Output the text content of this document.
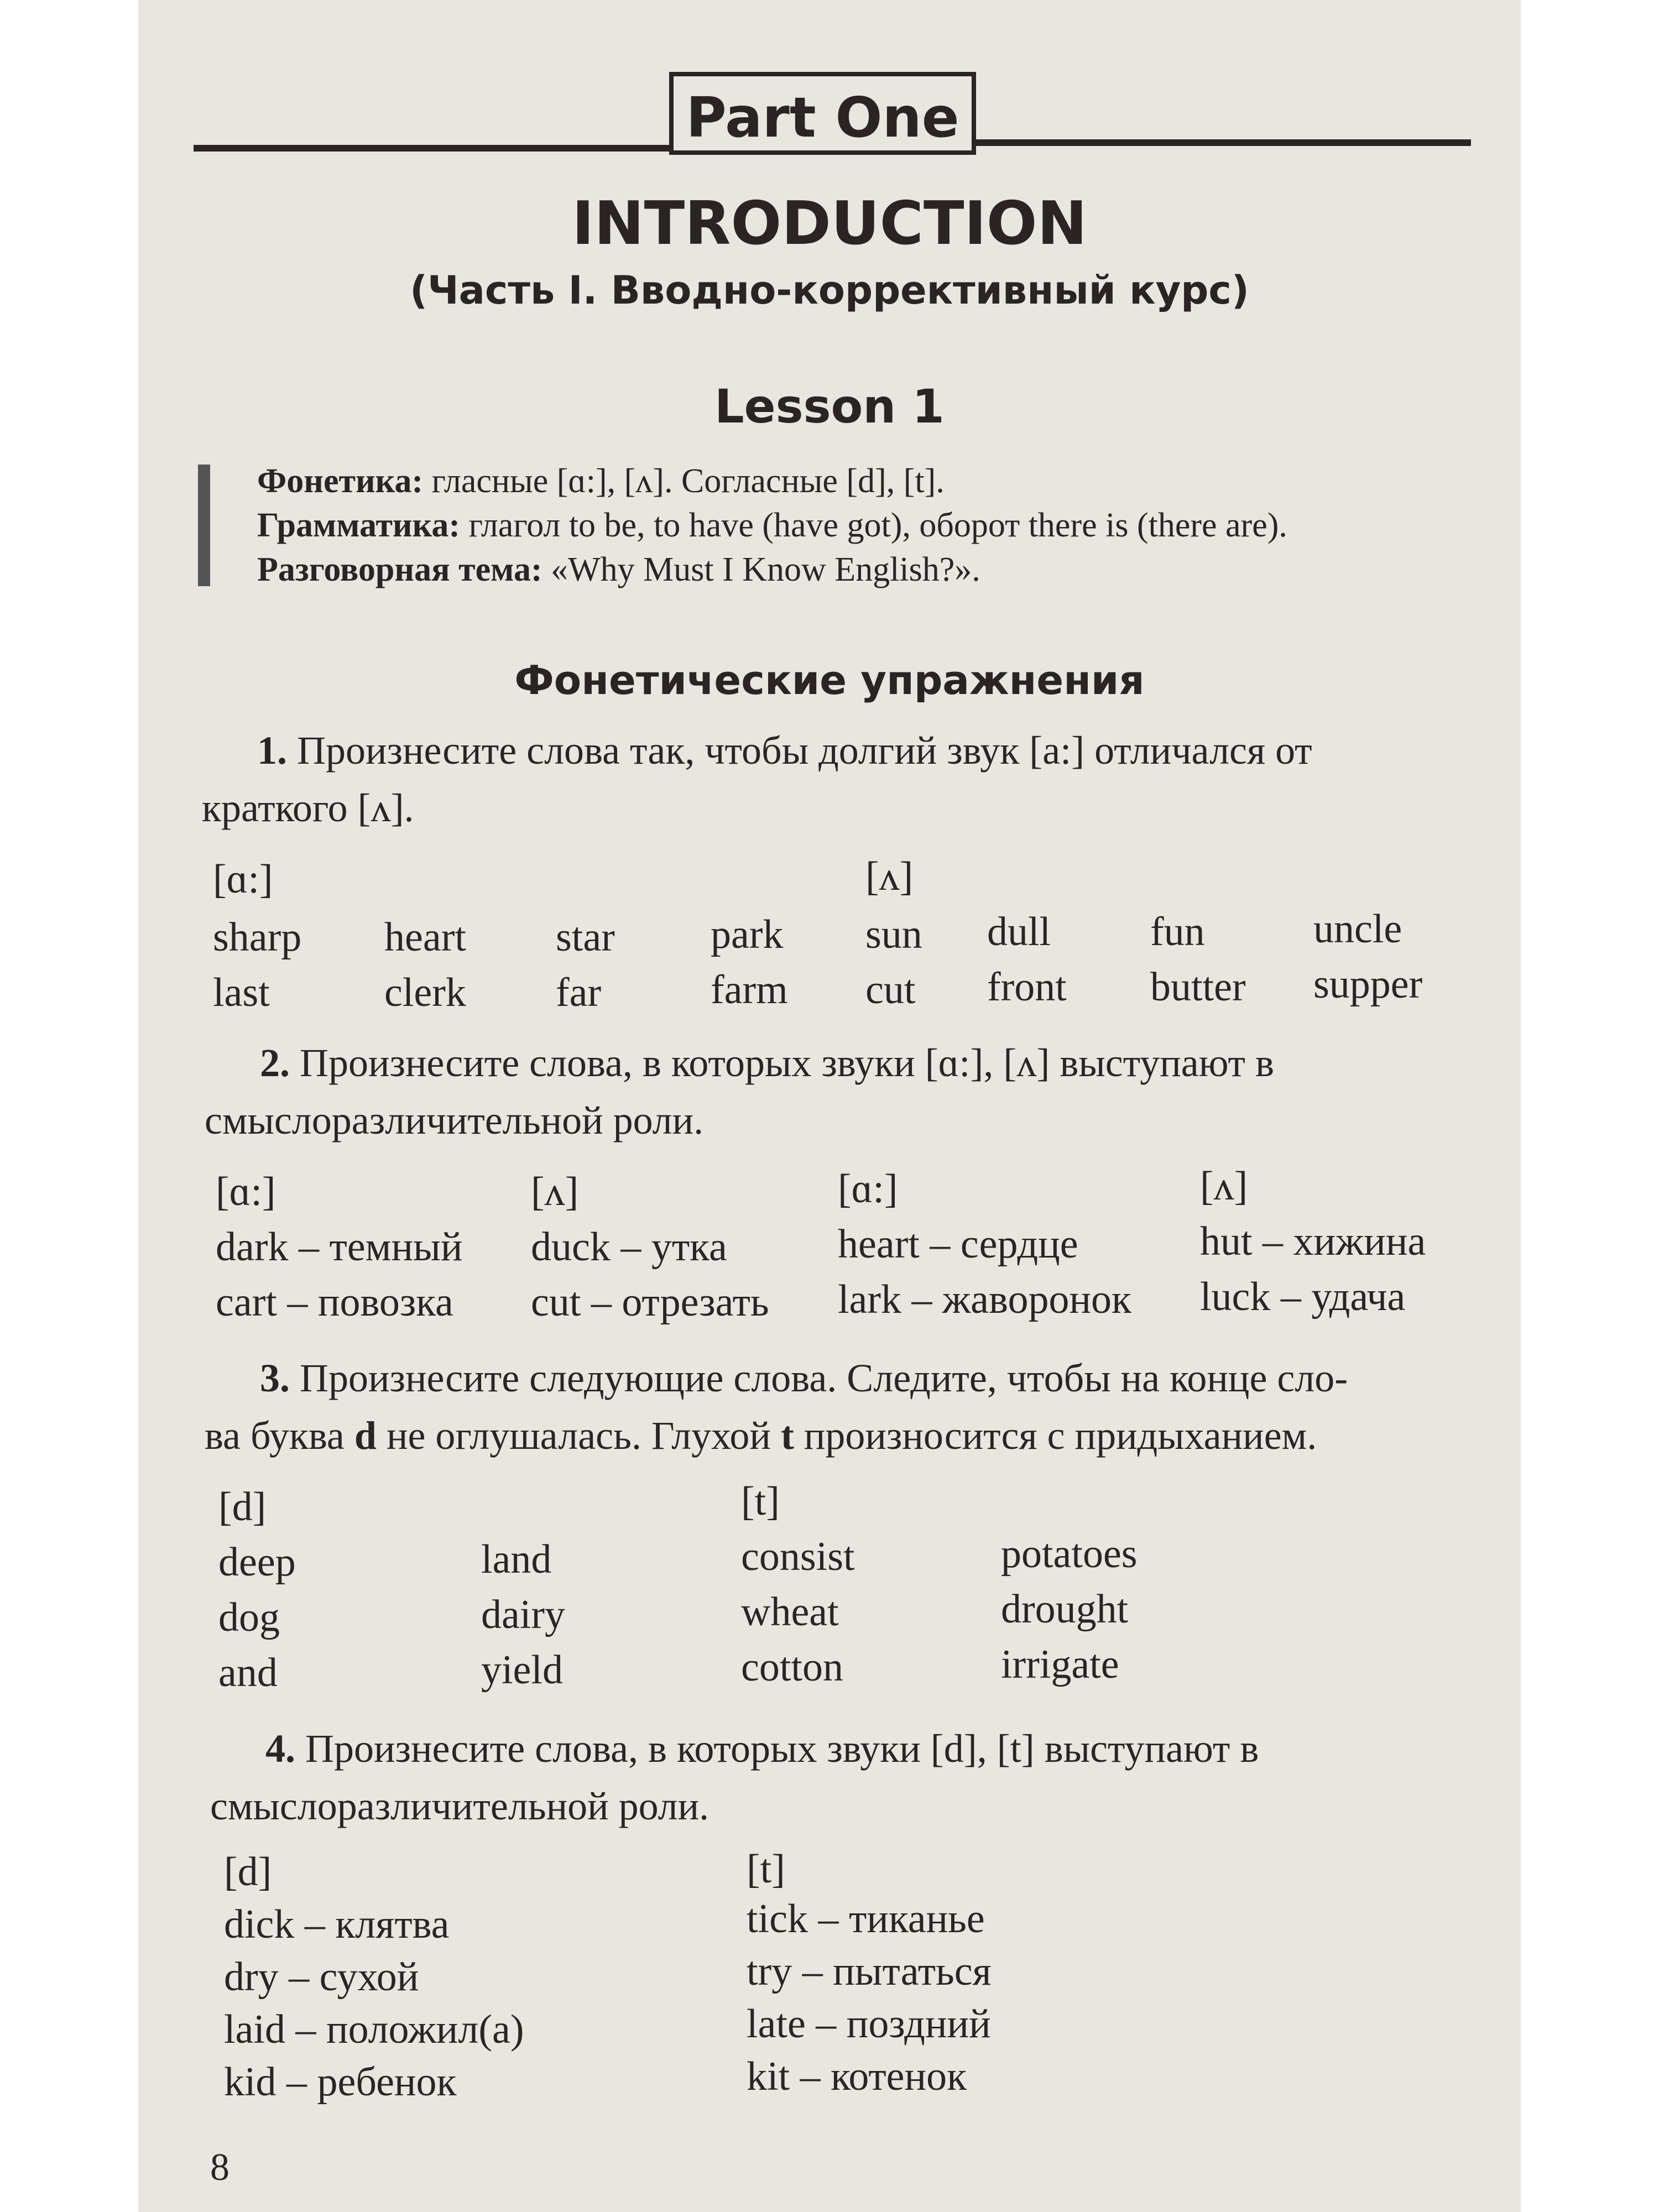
Part One
INTRODUCTION
(Часть I. Вводно-коррективный курс)
Lesson 1
Фонетика: гласные [ɑ:], [ʌ]. Согласные [d], [t].
Грамматика: глагол to be, to have (have got), оборот there is (there are).
Разговорная тема: «Why Must I Know English?».
Фонетические упражнения
1. Произнесите слова так, чтобы долгий звук [a:] отличался от
краткого [ʌ].
[ɑ:]	[ʌ]
sharp heart star park sun dull fun	uncle
last	clerk far	farm cut front butter supper
2. Произнесите слова, в которых звуки [ɑ:], [ʌ] выступают в
смыслоразличительной роли.
[ɑ:]	[ʌ]	[ɑ:]	[ʌ]
dark – темный duck – утка	heart – сердце	hut – хижина
cart – повозка cut – отрезать lark – жаворонок luck – удача
3. Произнесите следующие слова. Следите, чтобы на конце сло-
ва буква d не оглушалась. Глухой t произносится с придыханием.
[d]	[t]
deep	land	consist	potatoes
dog	dairy	wheat	drought
and	yield	cotton	irrigate
4. Произнесите слова, в которых звуки [d], [t] выступают в
смыслоразличительной роли.
[d]	[t]
dick – клятва	tick – тиканье
dry – сухой	try – пытаться
laid – положил(а)	late – поздний
kid – ребенок	kit – котенок
8
